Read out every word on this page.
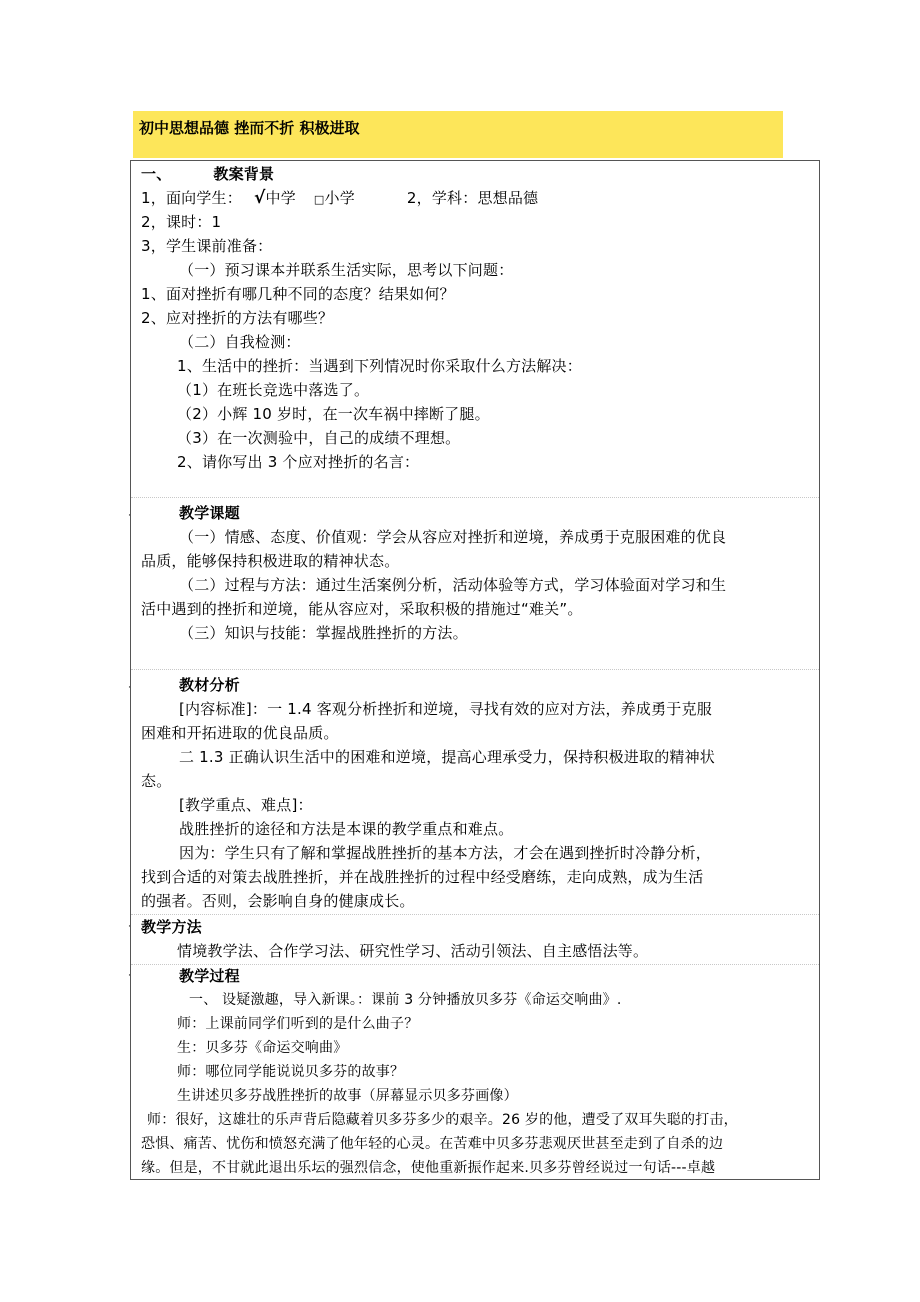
初中思想品德 挫而不折 积极进取
·
·
·
·
一、	教案背景
1，面向学生： √中学 □小学	2，学科：思想品德
2，课时：1
3，学生课前准备：
（一）预习课本并联系生活实际，思考以下问题：
1、面对挫折有哪几种不同的态度？结果如何？
2、应对挫折的方法有哪些？
（二）自我检测：
1、生活中的挫折：当遇到下列情况时你采取什么方法解决：
（1）在班长竞选中落选了。
（2）小辉 10 岁时，在一次车祸中摔断了腿。
（3）在一次测验中，自己的成绩不理想。
2、请你写出 3 个应对挫折的名言：
教学课题
（一）情感、态度、价值观：学会从容应对挫折和逆境，养成勇于克服困难的优良
品质，能够保持积极进取的精神状态。
（二）过程与方法：通过生活案例分析，活动体验等方式，学习体验面对学习和生
活中遇到的挫折和逆境，能从容应对，采取积极的措施过“难关”。
（三）知识与技能：掌握战胜挫折的方法。
教材分析
[内容标准]：一 1.4 客观分析挫折和逆境，寻找有效的应对方法，养成勇于克服
困难和开拓进取的优良品质。
二 1.3 正确认识生活中的困难和逆境，提高心理承受力，保持积极进取的精神状
态。
[教学重点、难点]：
战胜挫折的途径和方法是本课的教学重点和难点。
因为：学生只有了解和掌握战胜挫折的基本方法，才会在遇到挫折时冷静分析，
找到合适的对策去战胜挫折，并在战胜挫折的过程中经受磨练，走向成熟，成为生活
的强者。否则，会影响自身的健康成长。
教学方法
情境教学法、合作学习法、研究性学习、活动引领法、自主感悟法等。
教学过程
一、 设疑激趣，导入新课。：课前 3 分钟播放贝多芬《命运交响曲》.
师：上课前同学们听到的是什么曲子？
生：贝多芬《命运交响曲》
师：哪位同学能说说贝多芬的故事？
生讲述贝多芬战胜挫折的故事（屏幕显示贝多芬画像）
师：很好，这雄壮的乐声背后隐藏着贝多芬多少的艰辛。26 岁的他，遭受了双耳失聪的打击，
恐惧、痛苦、忧伤和愤怒充满了他年轻的心灵。在苦难中贝多芬悲观厌世甚至走到了自杀的边
缘。但是，不甘就此退出乐坛的强烈信念，使他重新振作起来.贝多芬曾经说过一句话---卓越
